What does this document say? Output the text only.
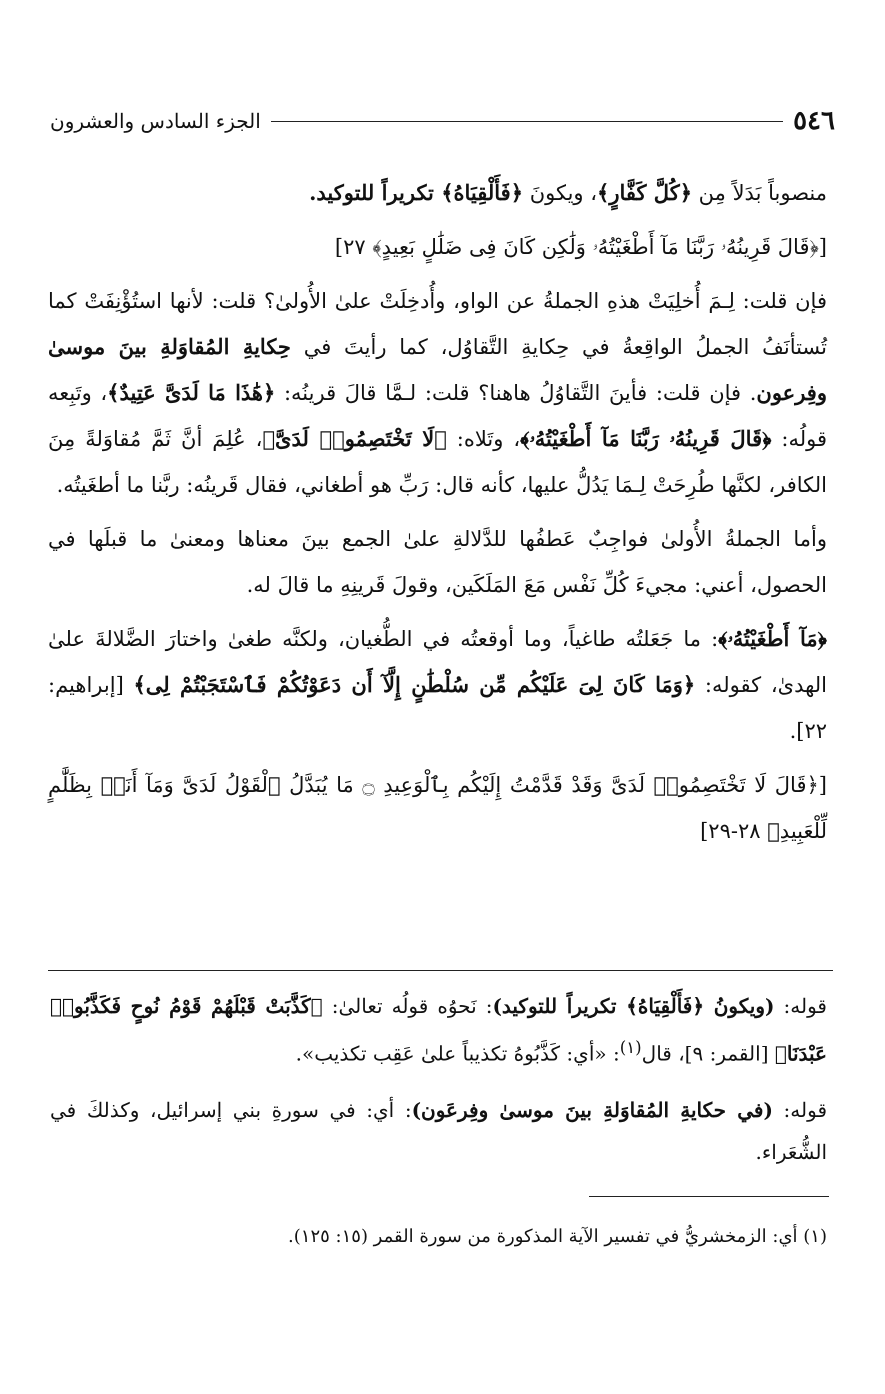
٥٤٦
الجزء السادس والعشرون

منصوباً بَدَلاً مِن ﴿كُلَّ كَفَّارٍ﴾، ويكونَ ﴿فَأَلْقِيَاهُ﴾ تكريراً للتوكيد.

[﴿قَالَ قَرِينُهُۥ رَبَّنَا مَآ أَطْغَيْتُهُۥ وَلَٰكِن كَانَ فِى ضَلَٰلٍ بَعِيدٍ﴾ ٢٧]

فإن قلت: لِـمَ أُخلِيَتْ هذهِ الجملةُ عن الواو، وأُدخِلَتْ علىٰ الأُولىٰ؟ قلت: لأنها استُؤْنِفَتْ كما تُستأنَفُ الجملُ الواقِعةُ في حِكايةِ التَّقاوُل، كما رأيتَ في حِكايةِ المُقاوَلةِ بينَ موسىٰ وفِرعون. فإن قلت: فأينَ التَّقاوُلُ هاهنا؟ قلت: لـمَّا قالَ قرينُه: ﴿هَٰذَا مَا لَدَىَّ عَتِيدٌ﴾، وتَبِعه قولُه: ﴿قَالَ قَرِينُهُۥ رَبَّنَا مَآ أَطْغَيْتُهُۥ﴾، وتَلاه: ﴿لَا تَخْتَصِمُوا۟ لَدَىَّ﴾، عُلِمَ أنَّ ثَمَّ مُقاوَلةً مِنَ الكافر، لكنَّها طُرِحَتْ لِـمَا يَدُلُّ عليها، كأنه قال: رَبِّ هو أطغاني، فقال قَرينُه: ربَّنا ما أطغَيتُه.

وأما الجملةُ الأُولىٰ فواجِبٌ عَطفُها للدَّلالةِ علىٰ الجمع بينَ معناها ومعنىٰ ما قبلَها في الحصول، أعني: مجيءَ كُلِّ نَفْس مَعَ المَلَكَين، وقولَ قَرينِهِ ما قالَ له.

﴿مَآ أَطْغَيْتُهُۥ﴾: ما جَعَلتُه طاغياً، وما أوقعتُه في الطُّغيان، ولكنَّه طغىٰ واختارَ الضَّلالةَ علىٰ الهدىٰ، كقوله: ﴿وَمَا كَانَ لِىَ عَلَيْكُم مِّن سُلْطَٰنٍ إِلَّآ أَن دَعَوْتُكُمْ فَٱسْتَجَبْتُمْ لِى﴾ [إبراهيم: ٢٢].

[﴿قَالَ لَا تَخْتَصِمُوا۟ لَدَىَّ وَقَدْ قَدَّمْتُ إِلَيْكُم بِٱلْوَعِيدِ ۝ مَا يُبَدَّلُ ٱلْقَوْلُ لَدَىَّ وَمَآ أَنَا۠ بِظَلَّٰمٍ لِّلْعَبِيدِ﴾ ٢٨-٢٩]

قوله: (ويكونُ ﴿فَأَلْقِيَاهُ﴾ تكريراً للتوكيد): نَحوُه قولُه تعالىٰ: ﴿كَذَّبَتْ قَبْلَهُمْ قَوْمُ نُوحٍ فَكَذَّبُوا۟ عَبْدَنَا﴾ [القمر: ٩]، قال$^{(١)}$: «أي: كَذَّبُوهُ تكذيباً علىٰ عَقِب تكذيب».

قوله: (في حكايةِ المُقاوَلةِ بينَ موسىٰ وفِرعَون): أي: في سورةِ بني إسرائيل، وكذلكَ في الشُّعَراء.

(١) أي: الزمخشريُّ في تفسير الآية المذكورة من سورة القمر (١٥: ١٢٥).
